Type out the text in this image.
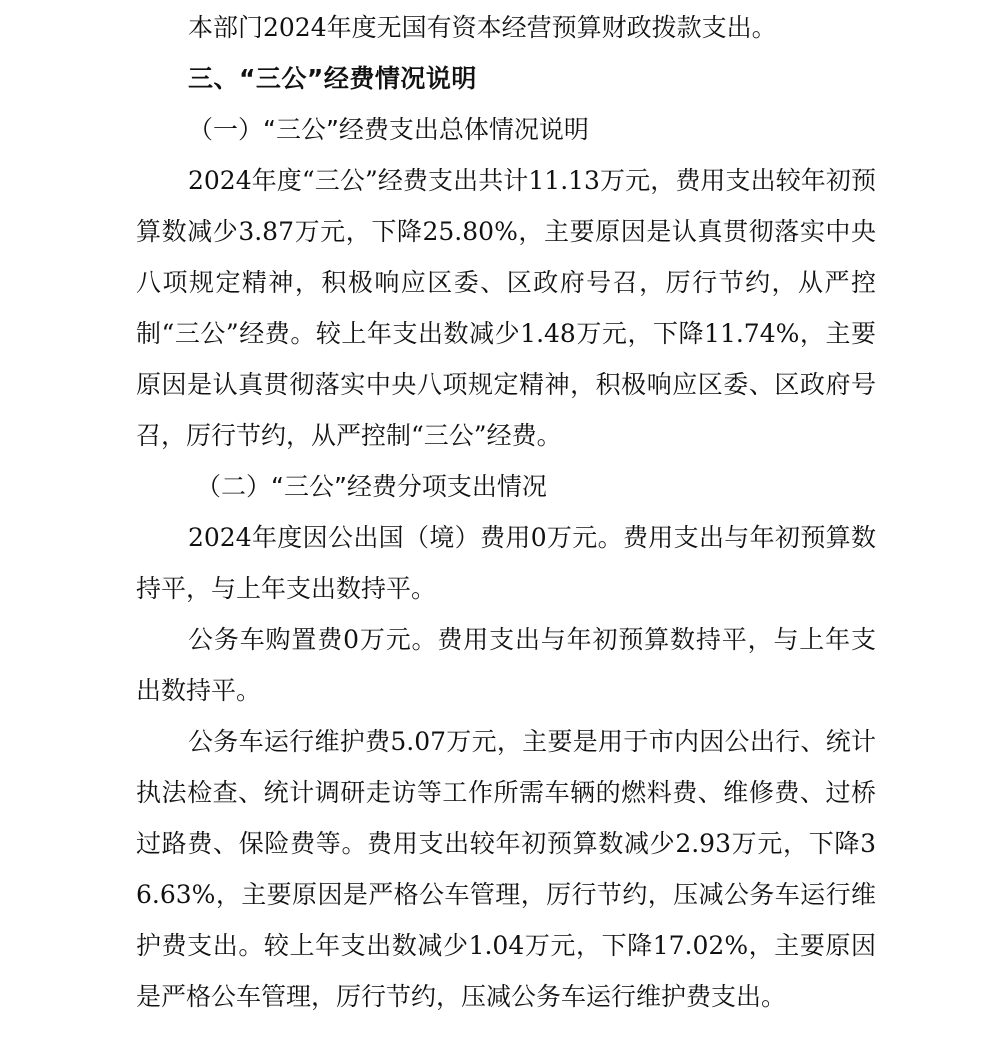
本部门2024年度无国有资本经营预算财政拨款支出。

三、“三公”经费情况说明

（一）“三公”经费支出总体情况说明

2024年度“三公”经费支出共计11.13万元，费用支出较年初预算数减少3.87万元，下降25.80%，主要原因是认真贯彻落实中央八项规定精神，积极响应区委、区政府号召，厉行节约，从严控制“三公”经费。较上年支出数减少1.48万元，下降11.74%，主要原因是认真贯彻落实中央八项规定精神，积极响应区委、区政府号召，厉行节约，从严控制“三公”经费。

（二）“三公”经费分项支出情况

2024年度因公出国（境）费用0万元。费用支出与年初预算数持平，与上年支出数持平。

公务车购置费0万元。费用支出与年初预算数持平，与上年支出数持平。

公务车运行维护费5.07万元，主要是用于市内因公出行、统计执法检查、统计调研走访等工作所需车辆的燃料费、维修费、过桥过路费、保险费等。费用支出较年初预算数减少2.93万元，下降36.63%，主要原因是严格公车管理，厉行节约，压减公务车运行维护费支出。较上年支出数减少1.04万元，下降17.02%，主要原因是严格公车管理，厉行节约，压减公务车运行维护费支出。
